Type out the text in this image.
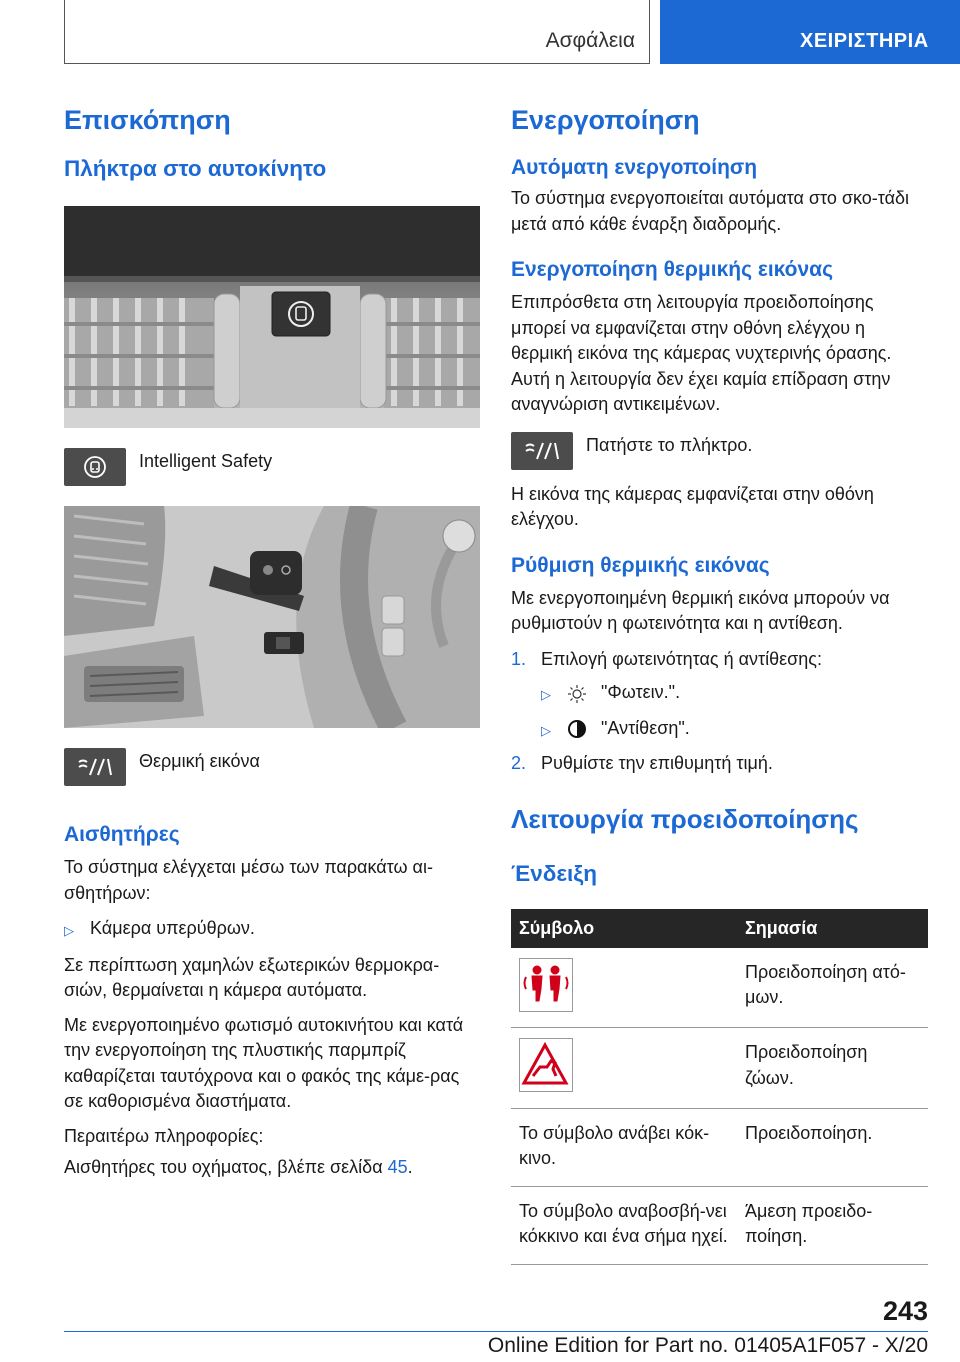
Ασφάλεια	ΧΕΙΡΙΣΤΗΡΙΑ
Επισκόπηση
Πλήκτρα στο αυτοκίνητο
Intelligent Safety
Θερμική εικόνα
Αισθητήρες

Το σύστημα ελέγχεται μέσω των παρακάτω αι-σθητήρων:

▷ Κάμερα υπερύθρων.

Σε περίπτωση χαμηλών εξωτερικών θερμοκρα-σιών, θερμαίνεται η κάμερα αυτόματα.

Με ενεργοποιημένο φωτισμό αυτοκινήτου και κατά την ενεργοποίηση της πλυστικής παρμπρίζ καθαρίζεται ταυτόχρονα και ο φακός της κάμε-ρας σε καθορισμένα διαστήματα.

Περαιτέρω πληροφορίες:

Αισθητήρες του οχήματος, βλέπε σελίδα 45.

Ενεργοποίηση
Αυτόματη ενεργοποίηση

Το σύστημα ενεργοποιείται αυτόματα στο σκο-τάδι μετά από κάθε έναρξη διαδρομής.

Ενεργοποίηση θερμικής εικόνας

Επιπρόσθετα στη λειτουργία προειδοποίησης μπορεί να εμφανίζεται στην οθόνη ελέγχου η θερμική εικόνα της κάμερας νυχτερινής όρασης. Αυτή η λειτουργία δεν έχει καμία επίδραση στην αναγνώριση αντικειμένων.

Πατήστε το πλήκτρο.

Η εικόνα της κάμερας εμφανίζεται στην οθόνη ελέγχου.

Ρύθμιση θερμικής εικόνας

Με ενεργοποιημένη θερμική εικόνα μπορούν να ρυθμιστούν η φωτεινότητα και η αντίθεση.

1. Επιλογή φωτεινότητας ή αντίθεσης:
▷	"Φωτειν.".
▷	"Αντίθεση".
2. Ρυθμίστε την επιθυμητή τιμή.
Λειτουργία προειδοποίησης
Ένδειξη
Σύμβολο	Σημασία
	Προειδοποίηση ατό-μων.
	Προειδοποίηση ζώων.
Το σύμβολο ανάβει κόκ-κινο.	Προειδοποίηση.
Το σύμβολο αναβοσβή-νει κόκκινο και ένα σήμα ηχεί.	Άμεση προειδο-ποίηση.
243
Online Edition for Part no. 01405A1F057 - X/20
